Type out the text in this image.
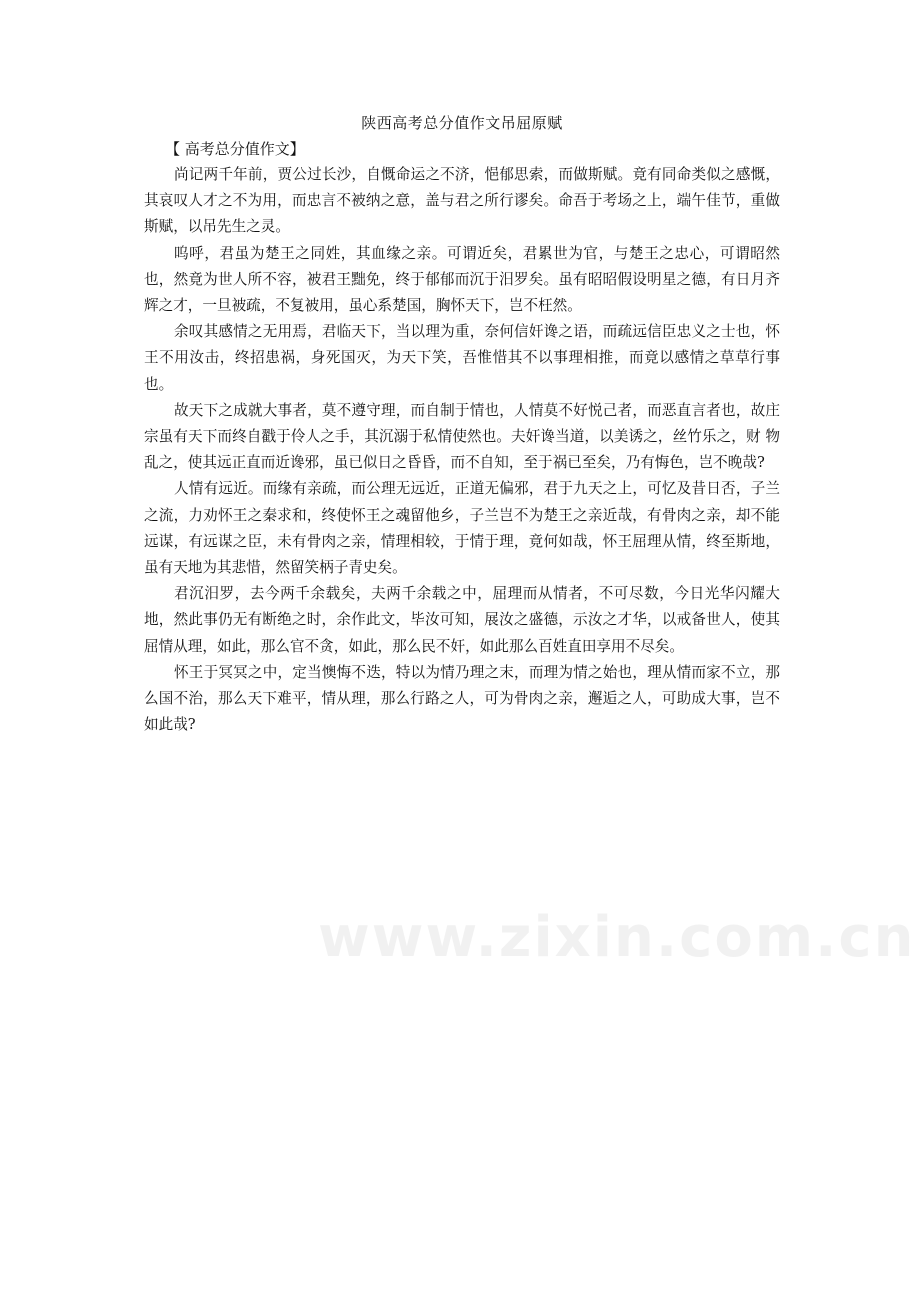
陕西高考总分值作文吊屈原赋
【 高考总分值作文】

尚记两千年前，贾公过长沙，自慨命运之不济，悒郁思索，而做斯赋。竟有同命类似之感慨，其哀叹人才之不为用，而忠言不被纳之意，盖与君之所行谬矣。命吾于考场之上，端午佳节，重做斯赋，以吊先生之灵。

呜呼，君虽为楚王之同姓，其血缘之亲。可谓近矣，君累世为官，与楚王之忠心，可谓昭然也，然竟为世人所不容，被君王黜免，终于郁郁而沉于汨罗矣。虽有昭昭假设明星之德，有日月齐辉之才，一旦被疏，不复被用，虽心系楚国，胸怀天下，岂不枉然。

余叹其感情之无用焉，君临天下，当以理为重，奈何信奸谗之语，而疏远信臣忠义之士也，怀王不用汝击，终招患祸，身死国灭，为天下笑，吾惟惜其不以事理相推，而竟以感情之草草行事也。

故天下之成就大事者，莫不遵守理，而自制于情也，人情莫不好悦己者，而恶直言者也，故庄宗虽有天下而终自戳于伶人之手，其沉溺于私情使然也。夫奸谗当道，以美诱之，丝竹乐之，财 物乱之，使其远正直而近谗邪，虽已似日之昏昏，而不自知，至于祸已至矣，乃有悔色，岂不晚哉?

人情有远近。而缘有亲疏，而公理无远近，正道无偏邪，君于九天之上，可忆及昔日否，子兰之流，力劝怀王之秦求和，终使怀王之魂留他乡，子兰岂不为楚王之亲近哉，有骨肉之亲，却不能远谋，有远谋之臣，未有骨肉之亲，情理相较，于情于理，竟何如哉，怀王屈理从情，终至斯地，虽有天地为其悲惜，然留笑柄子青史矣。

君沉汨罗，去今两千余载矣，夫两千余载之中，屈理而从情者，不可尽数，今日光华闪耀大地，然此事仍无有断绝之时，余作此文，毕汝可知，展汝之盛德，示汝之才华，以戒备世人，使其屈情从理，如此，那么官不贪，如此，那么民不奸，如此那么百姓直田享用不尽矣。

怀王于冥冥之中，定当懊悔不迭，特以为情乃理之末，而理为情之始也，理从情而家不立，那么国不治，那么天下难平，情从理，那么行路之人，可为骨肉之亲，邂逅之人，可助成大事，岂不如此哉?

www.zixin.com.cn
